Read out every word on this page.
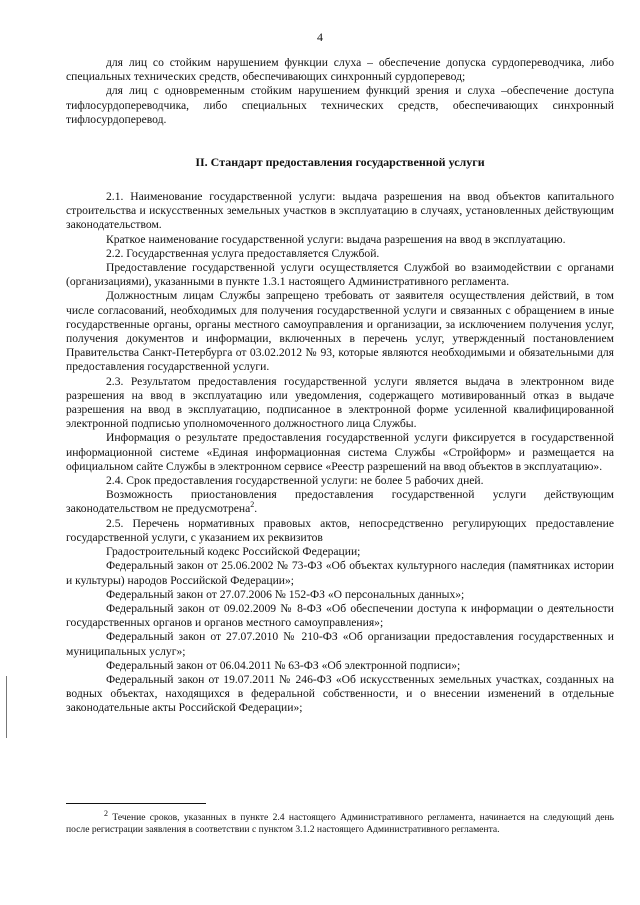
4

для лиц со стойким нарушением функции слуха – обеспечение допуска сурдопереводчика, либо специальных технических средств, обеспечивающих синхронный сурдоперевод;

для лиц с одновременным стойким нарушением функций зрения и слуха –обеспечение доступа тифлосурдопереводчика, либо специальных технических средств, обеспечивающих синхронный тифлосурдоперевод.

II. Стандарт предоставления государственной услуги

2.1. Наименование государственной услуги: выдача разрешения на ввод объектов капитального строительства и искусственных земельных участков в эксплуатацию в случаях, установленных действующим законодательством.

Краткое наименование государственной услуги: выдача разрешения на ввод в эксплуатацию.

2.2. Государственная услуга предоставляется Службой.

Предоставление государственной услуги осуществляется Службой во взаимодействии с органами (организациями), указанными в пункте 1.3.1 настоящего Административного регламента.

Должностным лицам Службы запрещено требовать от заявителя осуществления действий, в том числе согласований, необходимых для получения государственной услуги и связанных с обращением в иные государственные органы, органы местного самоуправления и организации, за исключением получения услуг, получения документов и информации, включенных в перечень услуг, утвержденный постановлением Правительства Санкт-Петербурга от 03.02.2012 № 93, которые являются необходимыми и обязательными для предоставления государственной услуги.

2.3. Результатом предоставления государственной услуги является выдача в электронном виде разрешения на ввод в эксплуатацию или уведомления, содержащего мотивированный отказ в выдаче разрешения на ввод в эксплуатацию, подписанное в электронной форме усиленной квалифицированной электронной подписью уполномоченного должностного лица Службы.

Информация о результате предоставления государственной услуги фиксируется в государственной информационной системе «Единая информационная система Службы «Стройформ» и размещается на официальном сайте Службы в электронном сервисе «Реестр разрешений на ввод объектов в эксплуатацию».

2.4. Срок предоставления государственной услуги: не более 5 рабочих дней.

Возможность приостановления предоставления государственной услуги действующим законодательством не предусмотрена$^2$.

2.5. Перечень нормативных правовых актов, непосредственно регулирующих предоставление государственной услуги, с указанием их реквизитов

Градостроительный кодекс Российской Федерации;

Федеральный закон от 25.06.2002 № 73-ФЗ «Об объектах культурного наследия (памятниках истории и культуры) народов Российской Федерации»;

Федеральный закон от 27.07.2006 № 152-ФЗ «О персональных данных»;

Федеральный закон от 09.02.2009 № 8-ФЗ «Об обеспечении доступа к информации о деятельности государственных органов и органов местного самоуправления»;

Федеральный закон от 27.07.2010 № 210-ФЗ «Об организации предоставления государственных и муниципальных услуг»;

Федеральный закон от 06.04.2011 № 63-ФЗ «Об электронной подписи»;

Федеральный закон от 19.07.2011 № 246-ФЗ «Об искусственных земельных участках, созданных на водных объектах, находящихся в федеральной собственности, и о внесении изменений в отдельные законодательные акты Российской Федерации»;

$^2$ Течение сроков, указанных в пункте 2.4 настоящего Административного регламента, начинается на следующий день после регистрации заявления в соответствии с пунктом 3.1.2 настоящего Административного регламента.
